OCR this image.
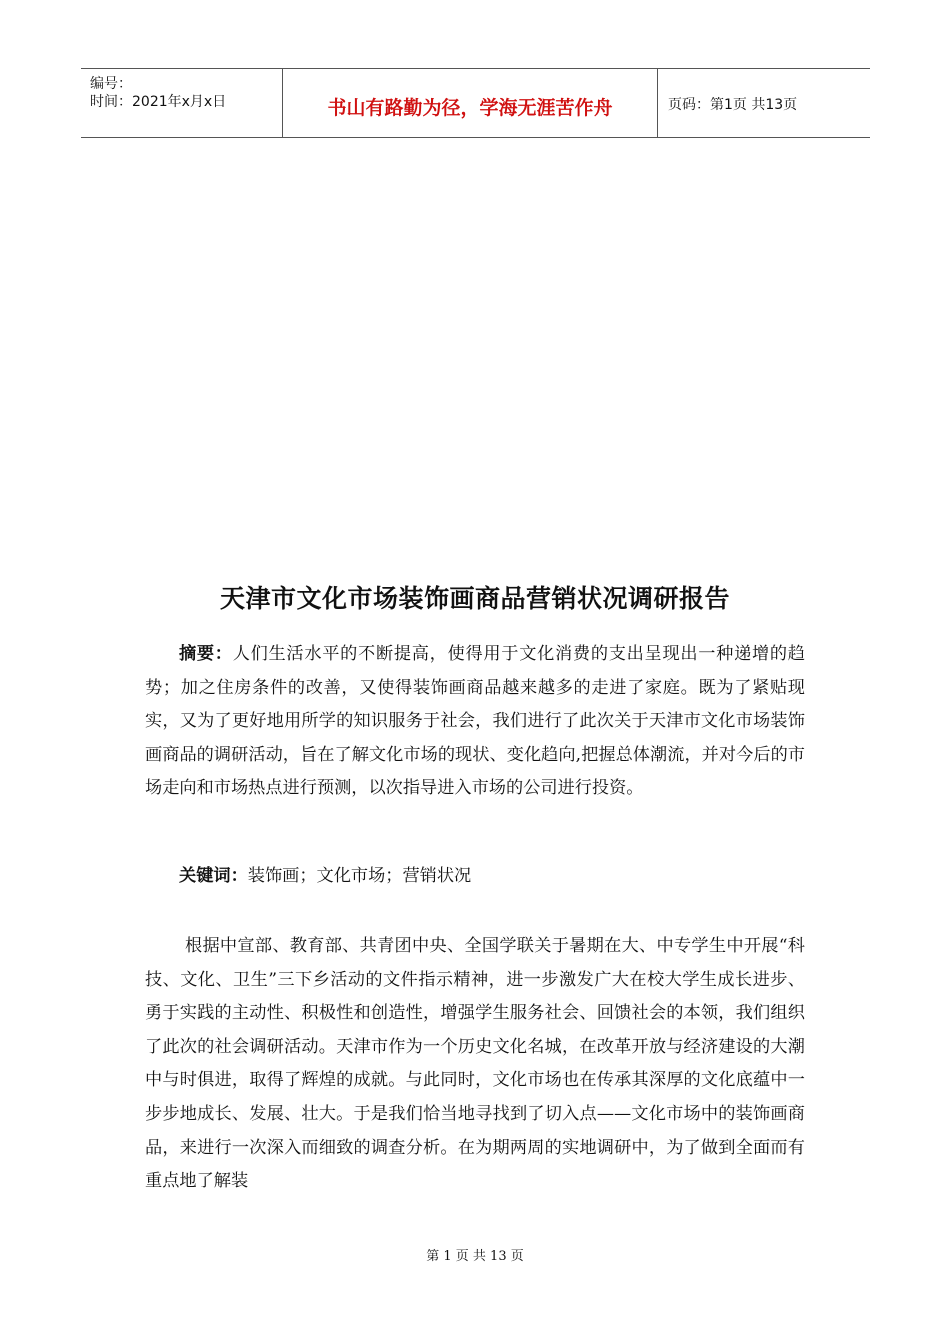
编号：
时间：2021年x月x日	书山有路勤为径，学海无涯苦作舟	页码：第1页 共13页
天津市文化市场装饰画商品营销状况调研报告

摘要：人们生活水平的不断提高，使得用于文化消费的支出呈现出一种递增的趋势；加之住房条件的改善，又使得装饰画商品越来越多的走进了家庭。既为了紧贴现实，又为了更好地用所学的知识服务于社会，我们进行了此次关于天津市文化市场装饰画商品的调研活动，旨在了解文化市场的现状、变化趋向,把握总体潮流，并对今后的市场走向和市场热点进行预测，以次指导进入市场的公司进行投资。

关键词：装饰画；文化市场；营销状况

根据中宣部、教育部、共青团中央、全国学联关于暑期在大、中专学生中开展“科技、文化、卫生”三下乡活动的文件指示精神，进一步激发广大在校大学生成长进步、勇于实践的主动性、积极性和创造性，增强学生服务社会、回馈社会的本领，我们组织了此次的社会调研活动。天津市作为一个历史文化名城，在改革开放与经济建设的大潮中与时俱进，取得了辉煌的成就。与此同时，文化市场也在传承其深厚的文化底蕴中一步步地成长、发展、壮大。于是我们恰当地寻找到了切入点——文化市场中的装饰画商品，来进行一次深入而细致的调查分析。在为期两周的实地调研中，为了做到全面而有重点地了解装

第 1 页 共 13 页
